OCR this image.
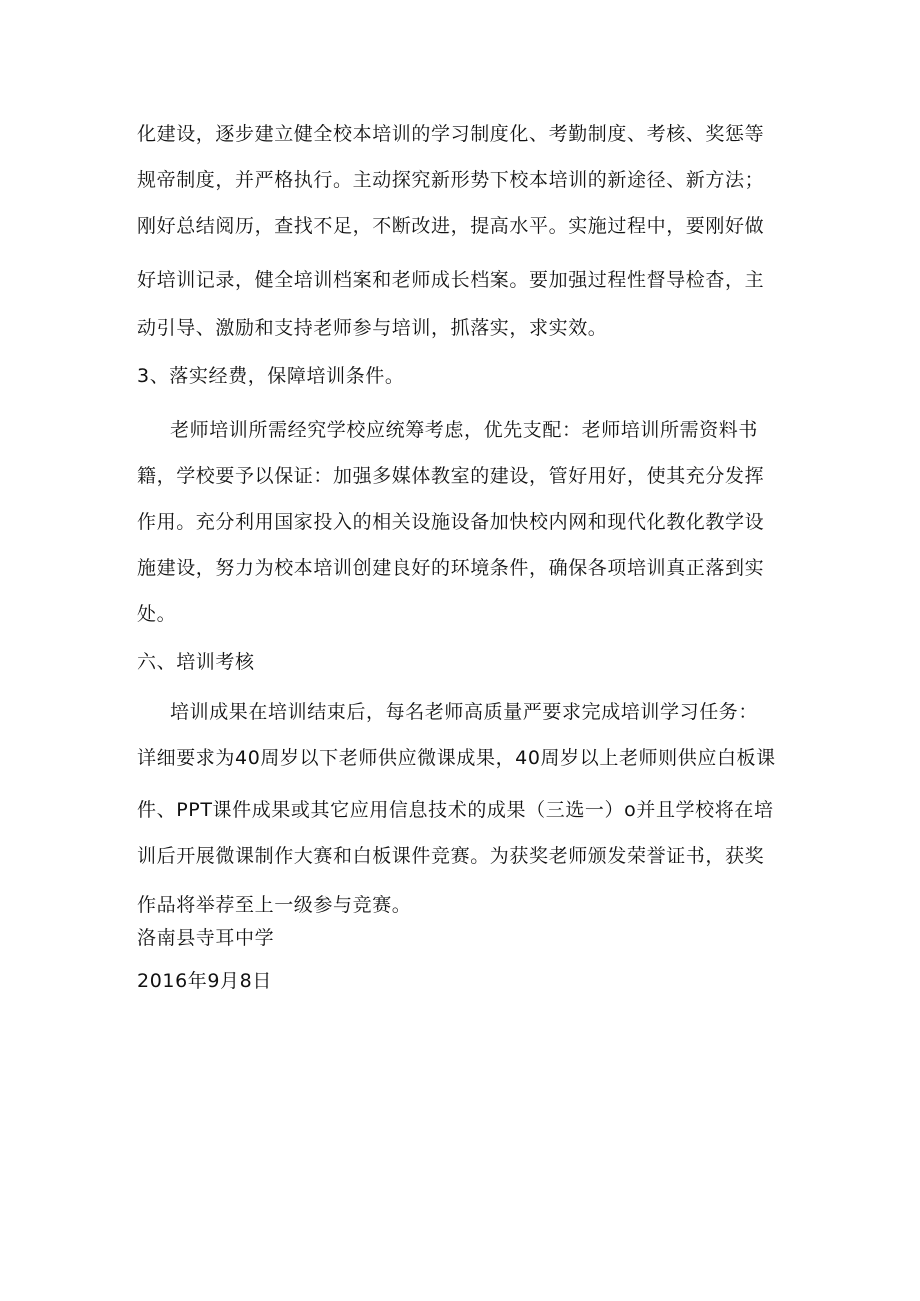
化建设，逐步建立健全校本培训的学习制度化、考勤制度、考核、奖惩等
规帝制度，并严格执行。主动探究新形势下校本培训的新途径、新方法；
刚好总结阅历，查找不足，不断改进，提高水平。实施过程中，要刚好做
好培训记录，健全培训档案和老师成长档案。要加强过程性督导检杳，主
动引导、激励和支持老师参与培训，抓落实，求实效。
3、落实经费，保障培训条件。
老师培训所需经究学校应统筹考虑，优先支配：老师培训所需资料书
籍，学校要予以保证：加强多媒体教室的建设，管好用好，使其充分发挥
作用。充分利用国家投入的相关设施设备加快校内网和现代化教化教学设
施建设，努力为校本培训创建良好的环境条件，确保各项培训真正落到实
处。
六、培训考核
培训成果在培训结束后，每名老师高质量严要求完成培训学习任务：
详细要求为40周岁以下老师供应微课成果，40周岁以上老师则供应白板课
件、PPT课件成果或其它应用信息技术的成果（三选一）o并且学校将在培
训后开展微课制作大赛和白板课件竞赛。为获奖老师颁发荣誉证书，获奖
作品将举荐至上一级参与竞赛。
洛南县寺耳中学
2016年9月8日
